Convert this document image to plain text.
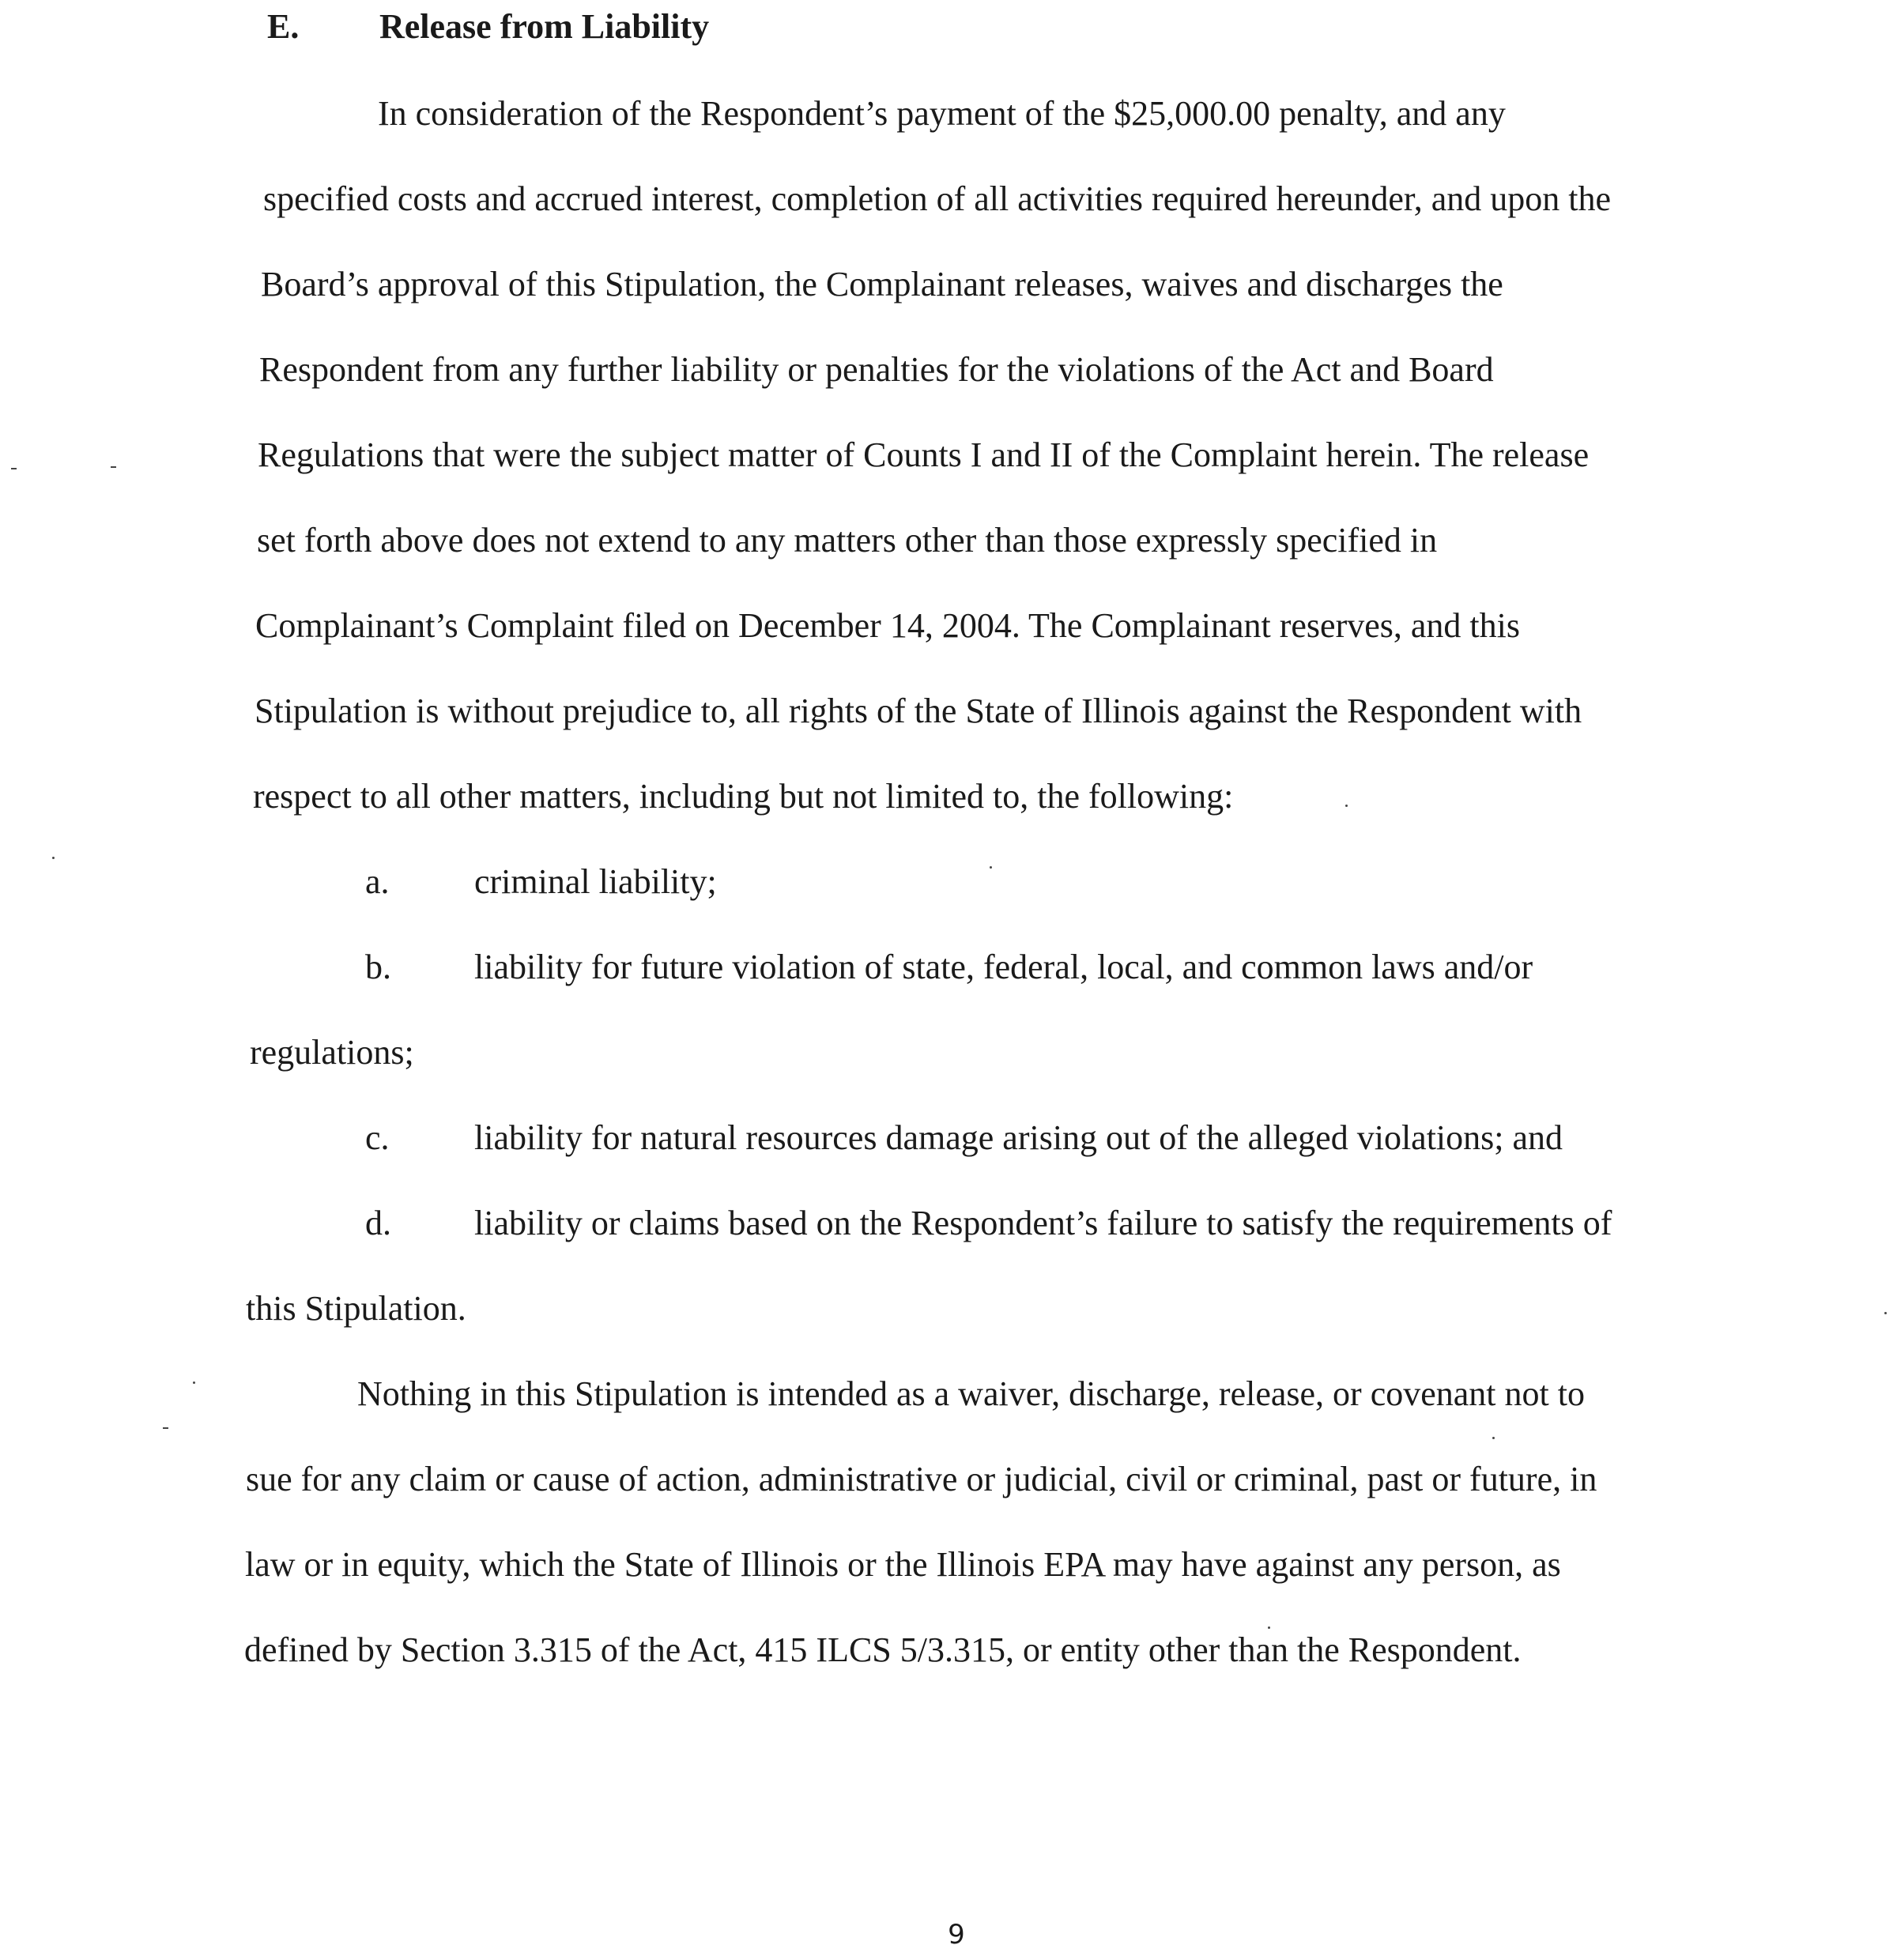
E. Release from Liability
In consideration of the Respondent’s payment of the $25,000.00 penalty, and any
specified costs and accrued interest, completion of all activities required hereunder, and upon the
Board’s approval of this Stipulation, the Complainant releases, waives and discharges the
Respondent from any further liability or penalties for the violations of the Act and Board
Regulations that were the subject matter of Counts I and II of the Complaint herein. The release
set forth above does not extend to any matters other than those expressly specified in
Complainant’s Complaint filed on December 14, 2004. The Complainant reserves, and this
Stipulation is without prejudice to, all rights of the State of Illinois against the Respondent with
respect to all other matters, including but not limited to, the following:
a. criminal liability;
b. liability for future violation of state, federal, local, and common laws and/or
regulations;
c. liability for natural resources damage arising out of the alleged violations; and
d. liability or claims based on the Respondent’s failure to satisfy the requirements of
this Stipulation.
Nothing in this Stipulation is intended as a waiver, discharge, release, or covenant not to
sue for any claim or cause of action, administrative or judicial, civil or criminal, past or future, in
law or in equity, which the State of Illinois or the Illinois EPA may have against any person, as
defined by Section 3.315 of the Act, 415 ILCS 5/3.315, or entity other than the Respondent.
9
